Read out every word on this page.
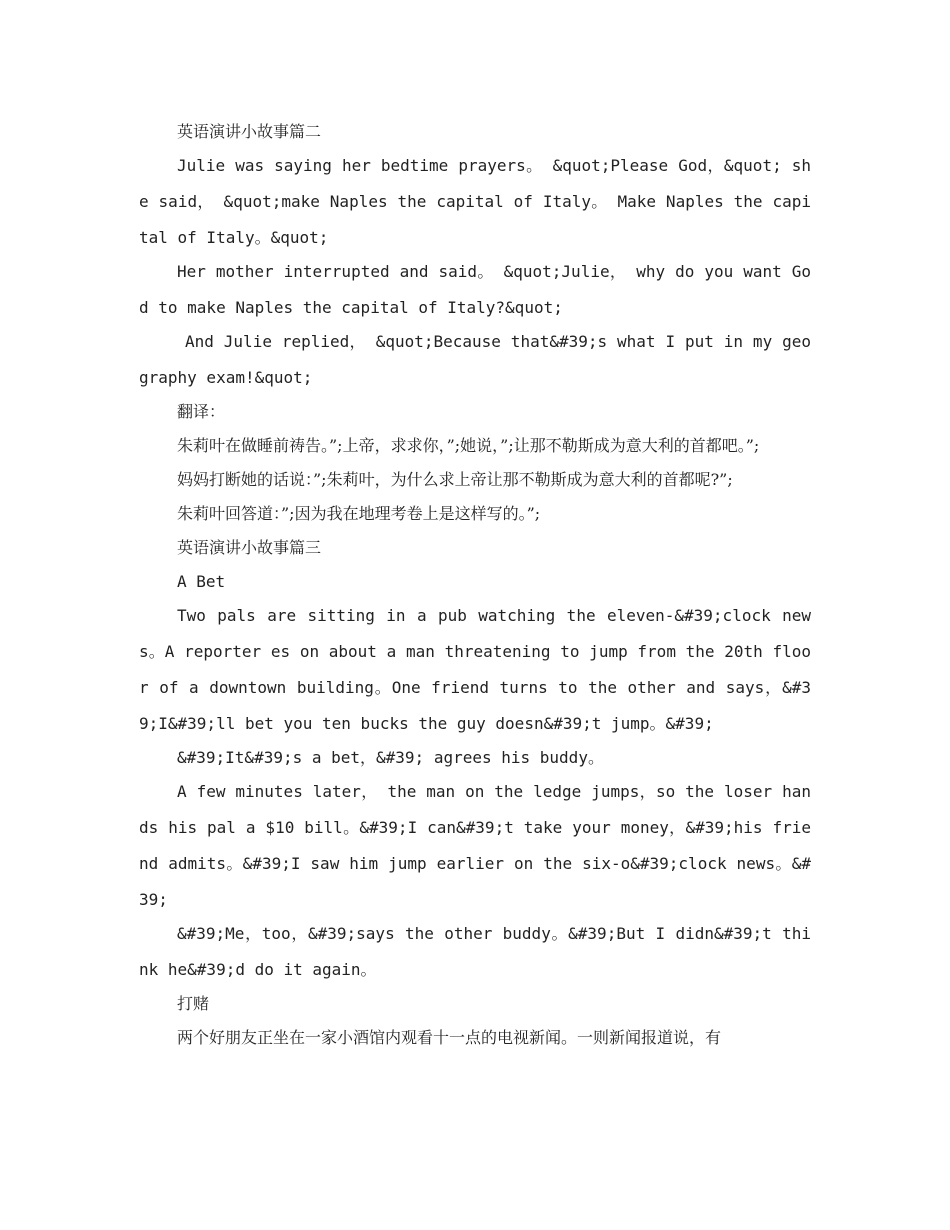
英语演讲小故事篇二

Julie was saying her bedtime prayers。 &quot;Please God，&quot; she said， &quot;make Naples the capital of Italy。 Make Naples the capital of Italy。&quot;

Her mother interrupted and said。 &quot;Julie， why do you want God to make Naples the capital of Italy?&quot;

And Julie replied， &quot;Because that&#39;s what I put in my geography exam!&quot;

翻译：

朱莉叶在做睡前祷告。”;上帝，求求你，”;她说，”;让那不勒斯成为意大利的首都吧。”;

妈妈打断她的话说：”;朱莉叶，为什么求上帝让那不勒斯成为意大利的首都呢?”;

朱莉叶回答道：”;因为我在地理考卷上是这样写的。”;

英语演讲小故事篇三

A Bet

Two pals are sitting in a pub watching the eleven-&#39;clock news。A reporter es on about a man threatening to jump from the 20th floor of a downtown building。One friend turns to the other and says，&#39;I&#39;ll bet you ten bucks the guy doesn&#39;t jump。&#39;

&#39;It&#39;s a bet，&#39; agrees his buddy。

A few minutes later， the man on the ledge jumps，so the loser hands his pal a $10 bill。&#39;I can&#39;t take your money，&#39;his friend admits。&#39;I saw him jump earlier on the six-o&#39;clock news。&#39;

&#39;Me，too，&#39;says the other buddy。&#39;But I didn&#39;t think he&#39;d do it again。

打赌

两个好朋友正坐在一家小酒馆内观看十一点的电视新闻。一则新闻报道说，有
